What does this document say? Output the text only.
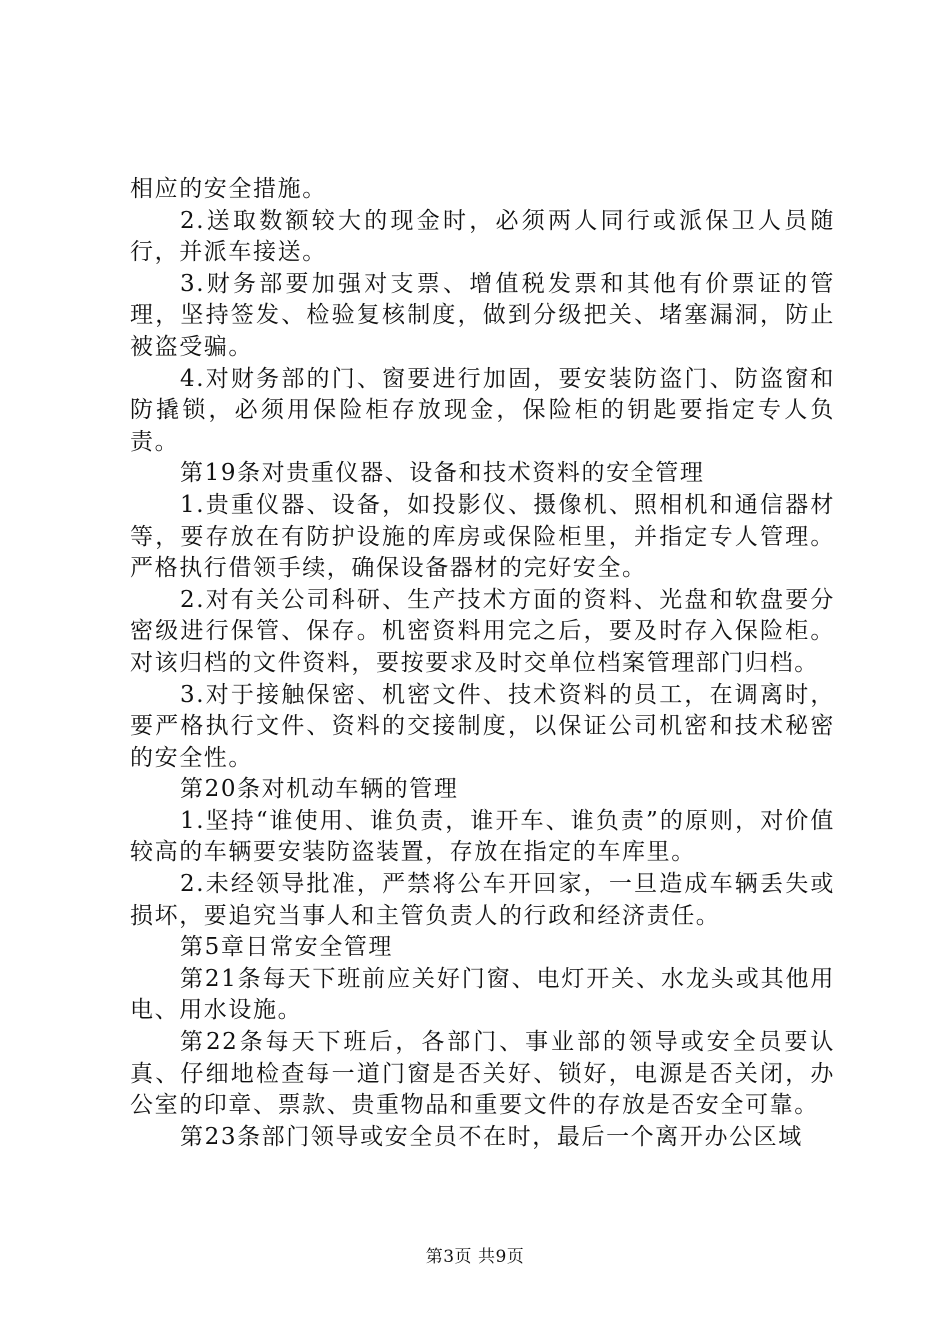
相应的安全措施。

2.送取数额较大的现金时，必须两人同行或派保卫人员随行，并派车接送。

3.财务部要加强对支票、增值税发票和其他有价票证的管理，坚持签发、检验复核制度，做到分级把关、堵塞漏洞，防止被盗受骗。

4.对财务部的门、窗要进行加固，要安装防盗门、防盗窗和防撬锁，必须用保险柜存放现金，保险柜的钥匙要指定专人负责。

第19条对贵重仪器、设备和技术资料的安全管理

1.贵重仪器、设备，如投影仪、摄像机、照相机和通信器材等，要存放在有防护设施的库房或保险柜里，并指定专人管理。严格执行借领手续，确保设备器材的完好安全。

2.对有关公司科研、生产技术方面的资料、光盘和软盘要分密级进行保管、保存。机密资料用完之后，要及时存入保险柜。对该归档的文件资料，要按要求及时交单位档案管理部门归档。

3.对于接触保密、机密文件、技术资料的员工，在调离时，要严格执行文件、资料的交接制度，以保证公司机密和技术秘密的安全性。

第20条对机动车辆的管理

1.坚持“谁使用、谁负责，谁开车、谁负责”的原则，对价值较高的车辆要安装防盗装置，存放在指定的车库里。

2.未经领导批准，严禁将公车开回家，一旦造成车辆丢失或损坏，要追究当事人和主管负责人的行政和经济责任。

第5章日常安全管理

第21条每天下班前应关好门窗、电灯开关、水龙头或其他用电、用水设施。

第22条每天下班后，各部门、事业部的领导或安全员要认真、仔细地检查每一道门窗是否关好、锁好，电源是否关闭，办公室的印章、票款、贵重物品和重要文件的存放是否安全可靠。

第23条部门领导或安全员不在时，最后一个离开办公区域

第3页 共9页
